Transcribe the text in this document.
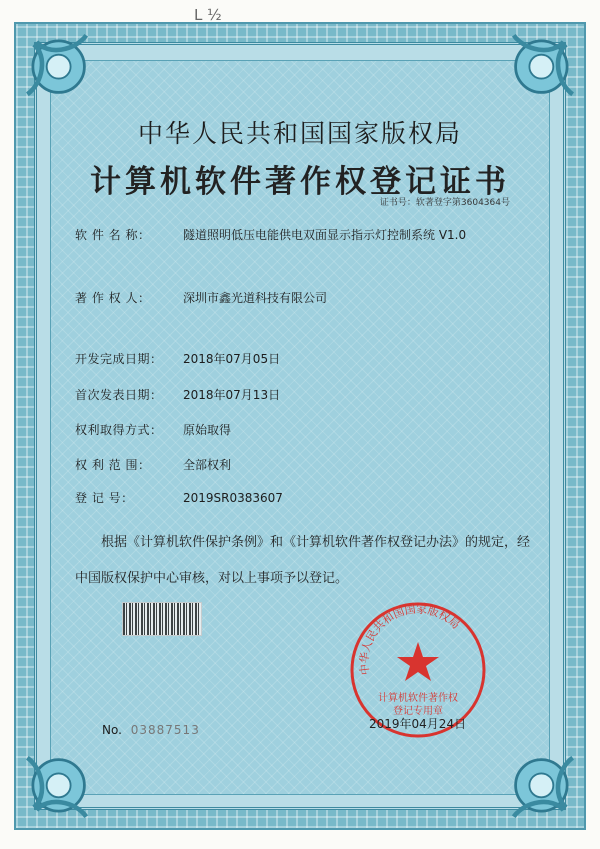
L ½
中华人民共和国国家版权局
计算机软件著作权登记证书
证书号：软著登字第3604364号
软 件 名 称：	隧道照明低压电能供电双面显示指示灯控制系统 V1.0
著 作 权 人：	深圳市鑫光道科技有限公司
开发完成日期：	2018年07月05日
首次发表日期：	2018年07月13日
权利取得方式：	原始取得
权 利 范 围：	全部权利
登 记 号：	2019SR0383607
根据《计算机软件保护条例》和《计算机软件著作权登记办法》的规定，经中国版权保护中心审核，对以上事项予以登记。
No. 03887513
中华人民共和国国家版权局
计算机软件著作权
登记专用章
2019年04月24日
